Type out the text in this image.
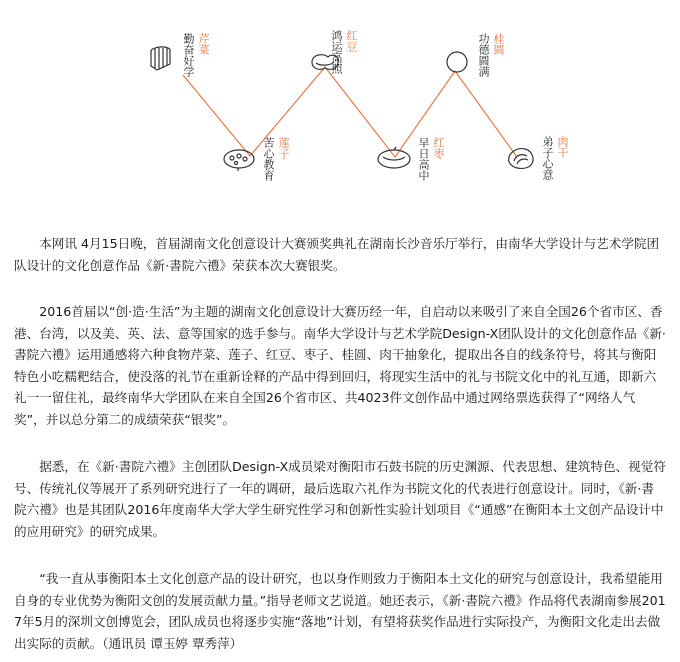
勤奋好学 芹菜
苦心教育 莲子
鸿运高照 红豆
早日高中 红枣
功德圆满 桂圆
弟子心意 肉干

本网讯 4月15日晚，首届湖南文化创意设计大赛颁奖典礼在湖南长沙音乐厅举行，由南华大学设计与艺术学院团队设计的文化创意作品《新·書院六禮》荣获本次大赛银奖。

2016首届以“创·造·生活”为主题的湖南文化创意设计大赛历经一年，自启动以来吸引了来自全国26个省市区、香港、台湾，以及美、英、法、意等国家的选手参与。南华大学设计与艺术学院Design-X团队设计的文化创意作品《新·書院六禮》运用通感将六种食物芹菜、莲子、红豆、枣子、桂圆、肉干抽象化，提取出各自的线条符号，将其与衡阳特色小吃糯粑结合，使没落的礼节在重新诠释的产品中得到回归，将现实生活中的礼与书院文化中的礼互通，即新六礼一一留住礼，最终南华大学团队在来自全国26个省市区、共4023件文创作品中通过网络票选获得了“网络人气奖”，并以总分第二的成绩荣获“银奖”。

据悉，在《新·書院六禮》主创团队Design-X成员梁对衡阳市石鼓书院的历史渊源、代表思想、建筑特色、视觉符号、传统礼仪等展开了系列研究进行了一年的调研，最后选取六礼作为书院文化的代表进行创意设计。同时，《新·書院六禮》也是其团队2016年度南华大学大学生研究性学习和创新性实验计划项目《“通感”在衡阳本土文创产品设计中的应用研究》的研究成果。

“我一直从事衡阳本土文化创意产品的设计研究，也以身作则致力于衡阳本土文化的研究与创意设计，我希望能用自身的专业优势为衡阳文创的发展贡献力量。”指导老师文艺说道。她还表示，《新·書院六禮》作品将代表湖南参展2017年5月的深圳文创博览会，团队成员也将逐步实施“落地”计划，有望将获奖作品进行实际投产，为衡阳文化走出去做出实际的贡献。（通讯员 谭玉婷 覃秀萍）
